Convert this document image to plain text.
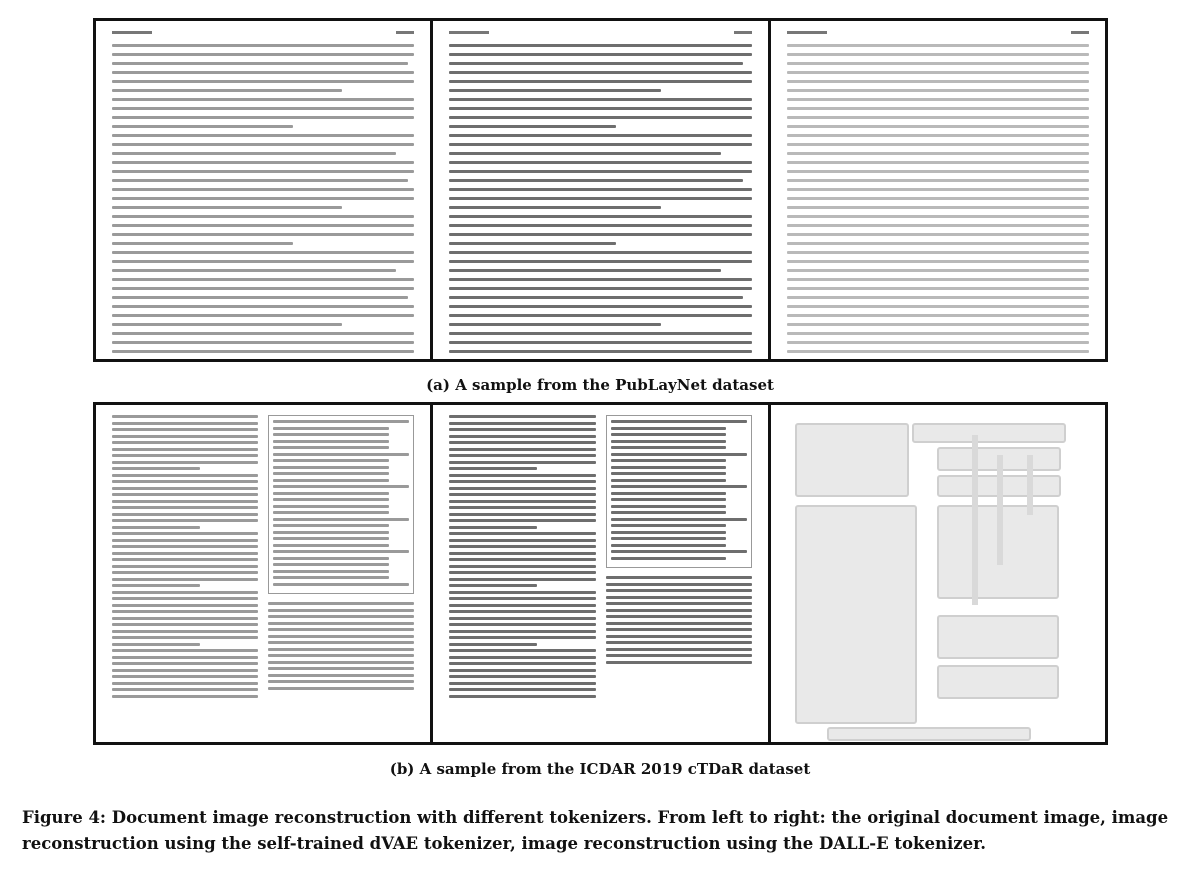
(a) A sample from the PubLayNet dataset
(b) A sample from the ICDAR 2019 cTDaR dataset
Figure 4: Document image reconstruction with different tokenizers. From left to right: the original document image, image reconstruction using the self-trained dVAE tokenizer, image reconstruction using the DALL-E tokenizer.
